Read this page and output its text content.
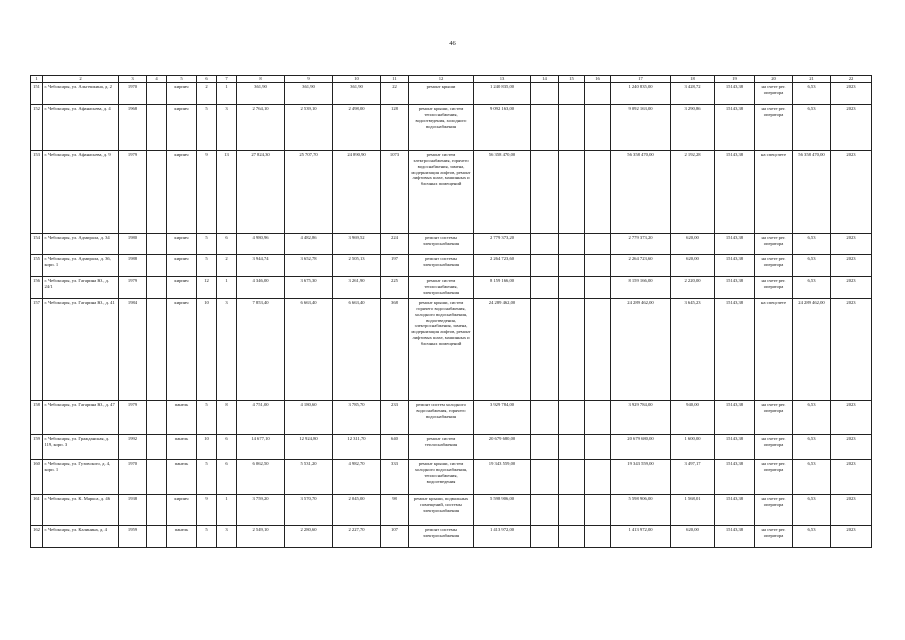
46
1	2	3	4	5	6	7	8	9	10	11	12	13	14	15	16	17	18	19	20	21	22
151	г. Чебоксары, ул. Альгешкина, д. 2	1970		кирпич	2	1	361,90	361,90	361,90	22	ремонт крыши	1 240 835,00				1 240 835,00	3 428,72	15143,38	на счете рег. оператора	6,53	2023
152	г. Чебоксары, ул. Афанасьева, д. 4	1968		кирпич	5	3	2 764,10	2 539,10	2 498,00	128	ремонт крыши, систем теплоснабжения, водоотведения, холодного водоснабжения	9 092 163,00				9 092 163,00	3 290,86	15143,38	на счете рег. оператора	6,53	2023
153	г. Чебоксары, ул. Афанасьева, д. 9	1979		кирпич	9	13	27 824,30	25 707,70	24 890,90	1073	ремонт систем электроснабжения, горячего водоснабжения, замена, модернизация лифтов, ремонт лифтовых шахт, машинных и блочных помещений	56 358 470,00				56 358 470,00	2 192,28	15143,38	на спецсчете	56 358 470,00	2023
154	г. Чебоксары, ул. Адмирала, д. 34	1980		кирпич	5	6	4 980,96	4 482,86	3 969,52	224	ремонт системы электроснабжения	2 779 373,20				2 779 373,20	620,00	15143,38	на счете рег. оператора	6,53	2023
155	г. Чебоксары, ул. Адмирала, д. 36, корп. 1	1988		кирпич	5	2	3 944,74	3 652,78	2 505,13	197	ремонт системы электроснабжения	2 264 723,60				2 264 723,60	620,00	15143,38	на счете рег. оператора	6,53	2023
156	г. Чебоксары, ул. Гагарина Ю., д. 24/1	1979		кирпич	12	1	4 346,00	3 675,30	3 261,90	225	ремонт систем теплоснабжения, электроснабжения	8 159 166,00				8 159 166,00	2 220,00	15143,38	на счете рег. оператора	6,53	2023
157	г. Чебоксары, ул. Гагарина Ю., д. 41	1984		кирпич	10	3	7 853,40	6 663,40	6 663,40	368	ремонт крыши, систем горячего водоснабжения, холодного водоснабжения, водоотведения, электроснабжения, замена, модернизация лифтов, ремонт лифтовых шахт, машинных и блочных помещений	24 289 462,00				24 289 462,00	3 645,23	15143,38	на спецсчете	24 289 462,00	2023
158	г. Чебоксары, ул. Гагарина Ю., д. 47	1979		панель	5	8	4 751,00	4 180,60	3 785,70	233	ремонт систем холодного водоснабжения, горячего водоснабжения	3 929 784,00				3 929 784,00	940,00	15143,38	на счете рег. оператора	6,53	2023
159	г. Чебоксары, ул. Гражданская, д. 119, корп. 3	1992		панель	10	6	14 677,10	12 924,80	12 311,70	640	ремонт систем теплоснабжения	20 679 680,00				20 679 680,00	1 600,00	15143,38	на счете рег. оператора	6,53	2023
160	г. Чебоксары, ул. Гузовского, д. 4, корп. 1	1970		панель	5	6	6 062,50	5 531,20	4 982,70	333	ремонт крыши, систем холодного водоснабжения, теплоснабжения, водоотведения	19 343 559,00				19 343 559,00	3 497,17	15143,38	на счете рег. оператора	6,53	2023
161	г. Чебоксары, ул. К. Маркса, д. 46	1938		кирпич	9	1	3 759,20	3 570,70	2 045,00	98	ремонт крыши, подвальных помещений, системы электроснабжения	5 598 906,00				5 598 906,00	1 568,01	15143,38	на счете рег. оператора	6,53	2023
162	г. Чебоксары, ул. Калинина, д. 4	1959		панель	5	3	2 549,10	2 280,60	2 227,70	107	ремонт системы электроснабжения	1 413 972,00				1 413 972,00	620,00	15143,38	на счете рег. оператора	6,53	2023
